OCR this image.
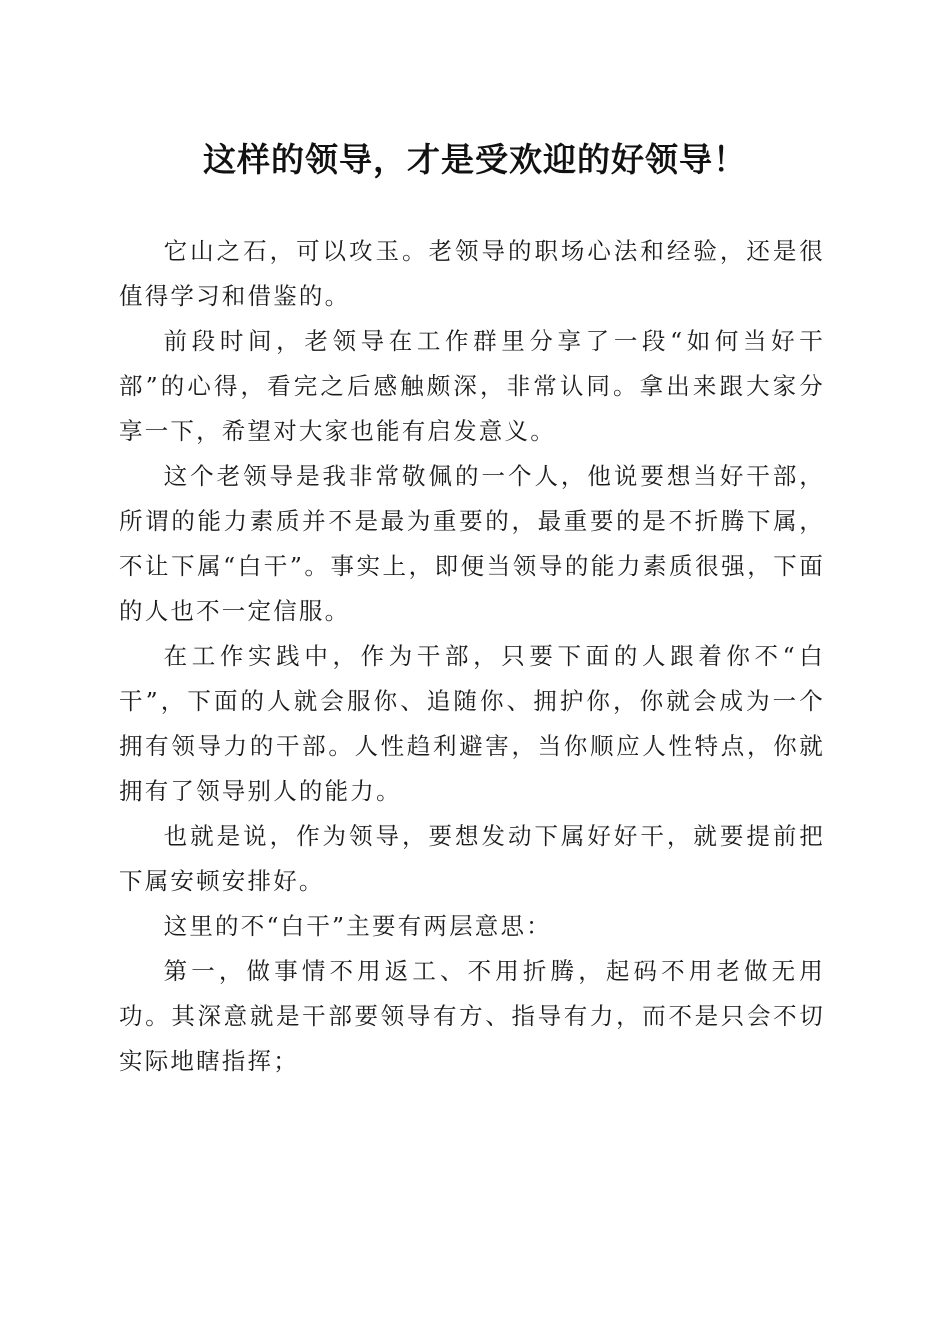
这样的领导，才是受欢迎的好领导！

它山之石，可以攻玉。老领导的职场心法和经验，还是很值得学习和借鉴的。

前段时间，老领导在工作群里分享了一段“如何当好干部”的心得，看完之后感触颇深，非常认同。拿出来跟大家分享一下，希望对大家也能有启发意义。

这个老领导是我非常敬佩的一个人，他说要想当好干部，所谓的能力素质并不是最为重要的，最重要的是不折腾下属，不让下属“白干”。事实上，即便当领导的能力素质很强，下面的人也不一定信服。

在工作实践中，作为干部，只要下面的人跟着你不“白干”，下面的人就会服你、追随你、拥护你，你就会成为一个拥有领导力的干部。人性趋利避害，当你顺应人性特点，你就拥有了领导别人的能力。

也就是说，作为领导，要想发动下属好好干，就要提前把下属安顿安排好。

这里的不“白干”主要有两层意思：

第一，做事情不用返工、不用折腾，起码不用老做无用功。其深意就是干部要领导有方、指导有力，而不是只会不切实际地瞎指挥；
